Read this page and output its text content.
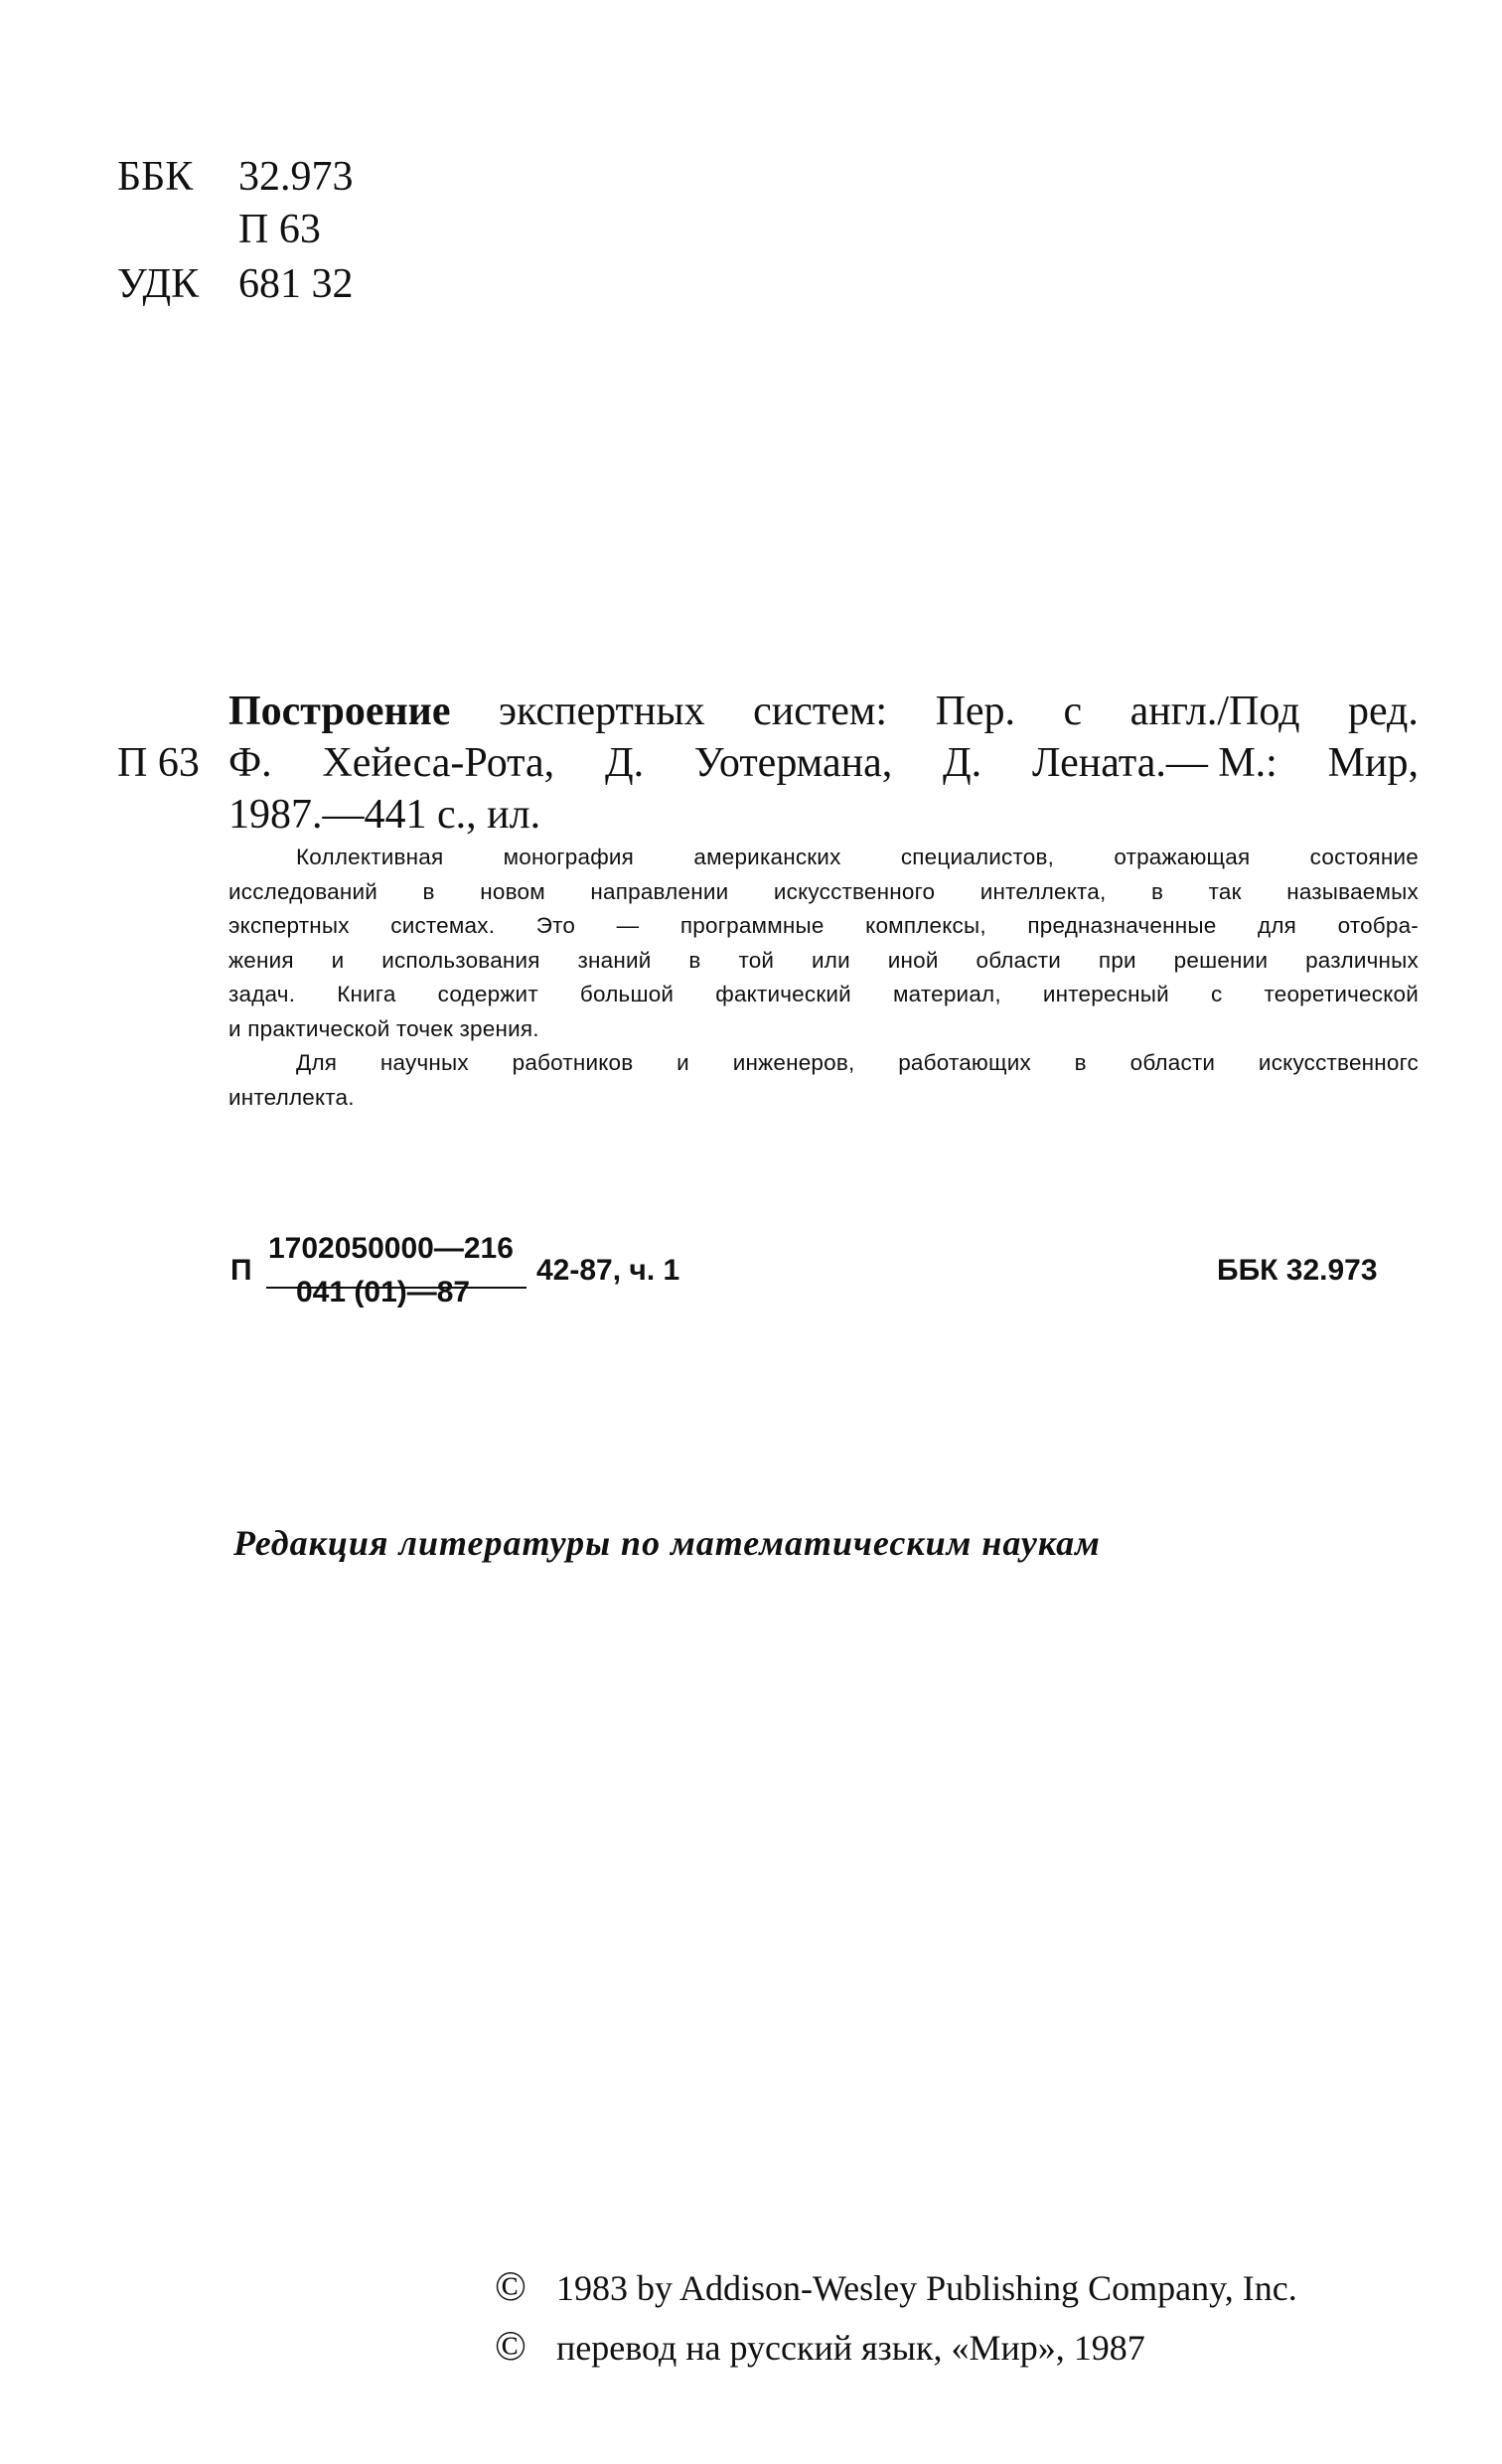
ББК 32.973
П 63
УДК 681 32
П 63
Построение экспертных систем: Пер. с англ./Под ред.
Ф. Хейеса-Рота, Д. Уотермана, Д. Лената.— М.: Мир,
1987.—441 с., ил.

Коллективная монография американских специалистов, отражающая состояние

исследований в новом направлении искусственного интеллекта, в так называемых

экспертных системах. Это — программные комплексы, предназначенные для отобра-

жения и использования знаний в той или иной области при решении различных

задач. Книга содержит большой фактический материал, интересный с теоретической

и практической точек зрения.

Для научных работников и инженеров, работающих в области искусственногс

интеллекта.

П
1702050000—216
041 (01)—87
42-87, ч. 1	ББК 32.973
Редакция литературы по математическим наукам
© 1983 by Addison-Wesley Publishing Company, Inc.
© перевод на русский язык, «Мир», 1987
